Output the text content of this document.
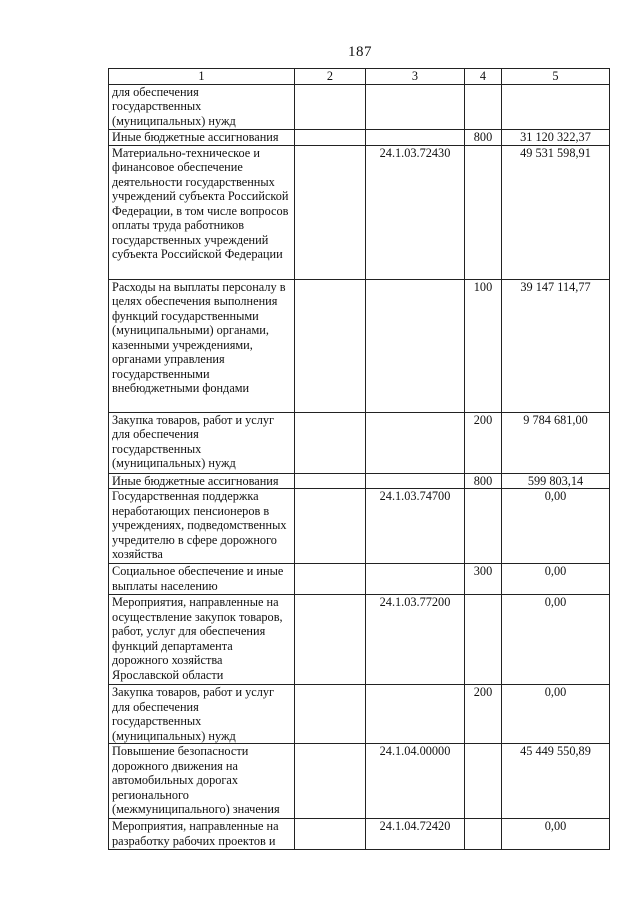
187
1	2	3	4	5
для обеспечения государственных (муниципальных) нужд				
Иные бюджетные ассигнования			800	31 120 322,37
Материально-техническое и финансовое обеспечение деятельности государственных учреждений субъекта Российской Федерации, в том числе вопросов оплаты труда работников государственных учреждений субъекта Российской Федерации		24.1.03.72430		49 531 598,91
Расходы на выплаты персоналу в целях обеспечения выполнения функций государственными (муниципальными) органами, казенными учреждениями, органами управления государственными внебюджетными фондами			100	39 147 114,77
Закупка товаров, работ и услуг для обеспечения государственных (муниципальных) нужд			200	9 784 681,00
Иные бюджетные ассигнования			800	599 803,14
Государственная поддержка неработающих пенсионеров в учреждениях, подведомственных учредителю в сфере дорожного хозяйства		24.1.03.74700		0,00
Социальное обеспечение и иные выплаты населению			300	0,00
Мероприятия, направленные на осуществление закупок товаров, работ, услуг для обеспечения функций департамента дорожного хозяйства Ярославской области		24.1.03.77200		0,00
Закупка товаров, работ и услуг для обеспечения государственных (муниципальных) нужд			200	0,00
Повышение безопасности дорожного движения на автомобильных дорогах регионального (межмуниципального) значения		24.1.04.00000		45 449 550,89
Мероприятия, направленные на разработку рабочих проектов и		24.1.04.72420		0,00
